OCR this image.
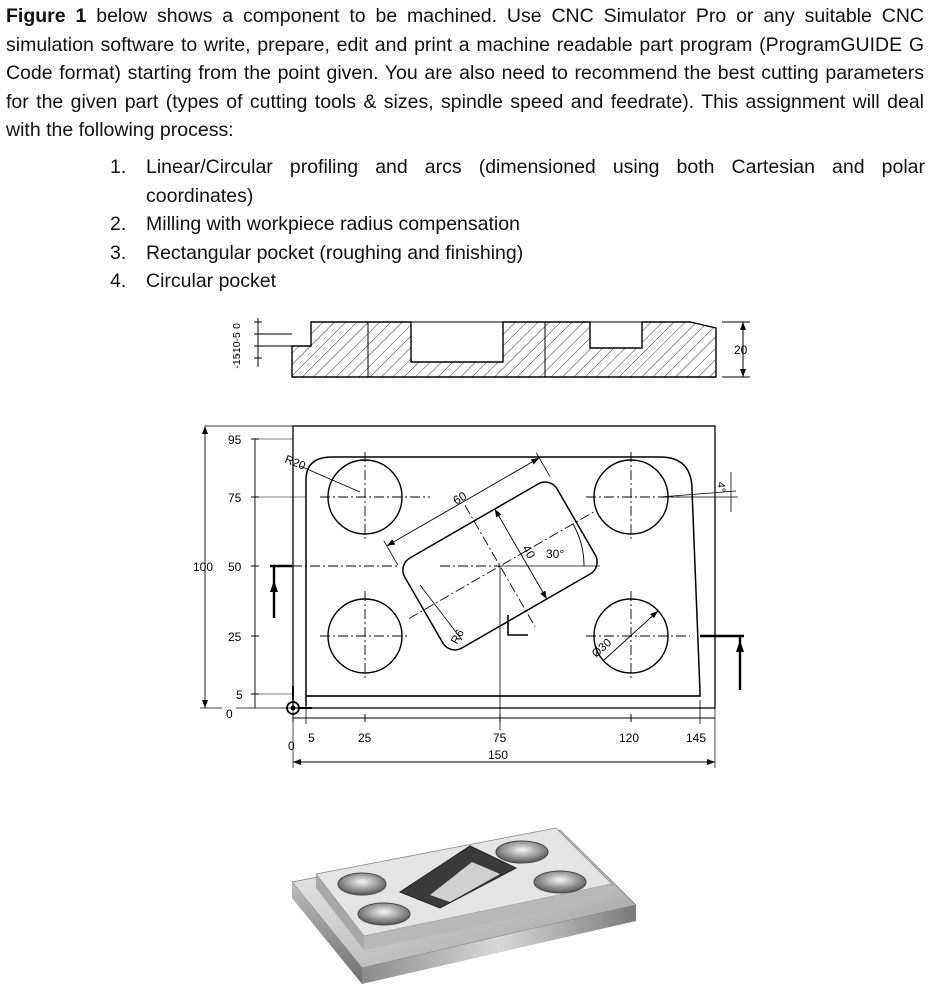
Figure 1 below shows a component to be machined. Use CNC Simulator Pro or any suitable CNC simulation software to write, prepare, edit and print a machine readable part program (ProgramGUIDE G Code format) starting from the point given. You are also need to recommend the best cutting parameters for the given part (types of cutting tools & sizes, spindle speed and feedrate). This assignment will deal with the following process:

1. Linear/Circular profiling and arcs (dimensioned using both Cartesian and polar coordinates)
2. Milling with workpiece radius compensation
3. Rectangular pocket (roughing and finishing)
4. Circular pocket
0
-5
-10
-15
20
60
40 30°
R6	Ø30
R20
4°
95
75
50
25
5
0
100
0
5	25	75	120	145
150
